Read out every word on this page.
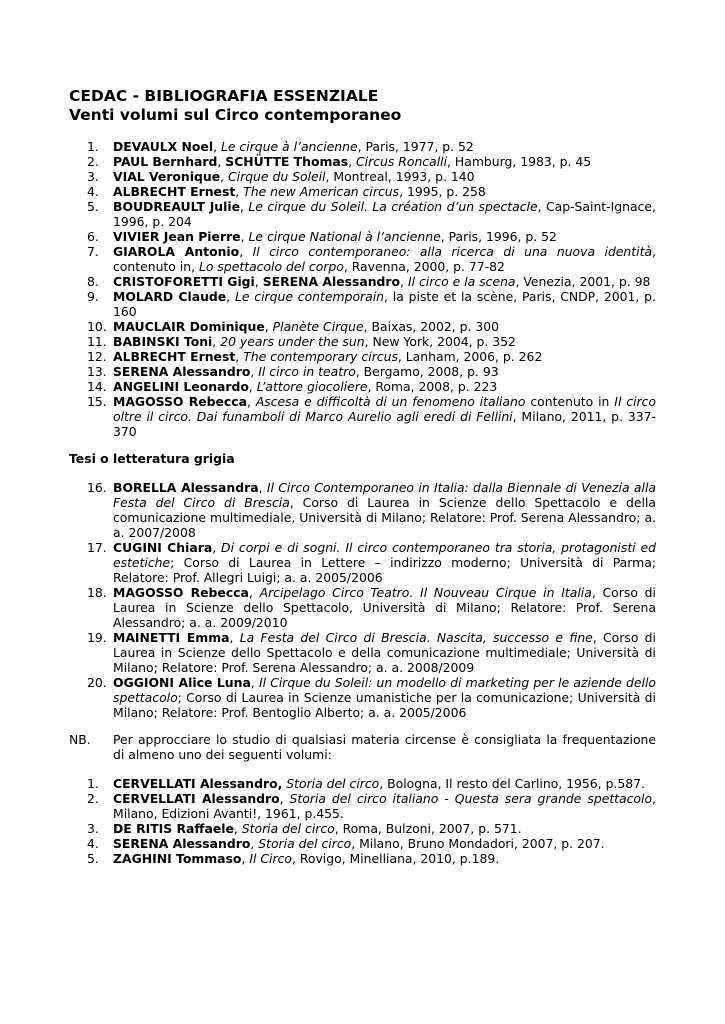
CEDAC - BIBLIOGRAFIA ESSENZIALE
Venti volumi sul Circo contemporaneo
1.	DEVAULX Noel, Le cirque à l’ancienne, Paris, 1977, p. 52
2.	PAUL Bernhard, SCHÜTTE Thomas, Circus Roncalli, Hamburg, 1983, p. 45
3.	VIAL Veronique, Cirque du Soleil, Montreal, 1993, p. 140
4.	ALBRECHT Ernest, The new American circus, 1995, p. 258
5.	BOUDREAULT Julie, Le cirque du Soleil. La création d’un spectacle, Cap-Saint-Ignace, 1996, p. 204
6.	VIVIER Jean Pierre, Le cirque National à l’ancienne, Paris, 1996, p. 52
7.	GIAROLA Antonio, Il circo contemporaneo: alla ricerca di una nuova identità, contenuto in, Lo spettacolo del corpo, Ravenna, 2000, p. 77-82
8.	CRISTOFORETTI Gigi, SERENA Alessandro, Il circo e la scena, Venezia, 2001, p. 98
9.	MOLARD Claude, Le cirque contemporain, la piste et la scène, Paris, CNDP, 2001, p. 160
10. MAUCLAIR Dominique, Planète Cirque, Baixas, 2002, p. 300
11. BABINSKI Toni, 20 years under the sun, New York, 2004, p. 352
12. ALBRECHT Ernest, The contemporary circus, Lanham, 2006, p. 262
13. SERENA Alessandro, Il circo in teatro, Bergamo, 2008, p. 93
14. ANGELINI Leonardo, L’attore giocoliere, Roma, 2008, p. 223
15. MAGOSSO Rebecca, Ascesa e difficoltà di un fenomeno italiano contenuto in Il circo oltre il circo. Dai funamboli di Marco Aurelio agli eredi di Fellini, Milano, 2011, p. 337-370
Tesi o letteratura grigia
16. BORELLA Alessandra, Il Circo Contemporaneo in Italia: dalla Biennale di Venezia alla Festa del Circo di Brescia, Corso di Laurea in Scienze dello Spettacolo e della comunicazione multimediale, Università di Milano; Relatore: Prof. Serena Alessandro; a. a. 2007/2008
17. CUGINI Chiara, Di corpi e di sogni. Il circo contemporaneo tra storia, protagonisti ed estetiche; Corso di Laurea in Lettere – indirizzo moderno; Università di Parma; Relatore: Prof. Allegri Luigi; a. a. 2005/2006
18. MAGOSSO Rebecca, Arcipelago Circo Teatro. Il Nouveau Cirque in Italia, Corso di Laurea in Scienze dello Spettacolo, Università di Milano; Relatore: Prof. Serena Alessandro; a. a. 2009/2010
19. MAINETTI Emma, La Festa del Circo di Brescia. Nascita, successo e fine, Corso di Laurea in Scienze dello Spettacolo e della comunicazione multimediale; Università di Milano; Relatore: Prof. Serena Alessandro; a. a. 2008/2009
20. OGGIONI Alice Luna, Il Cirque du Soleil: un modello di marketing per le aziende dello spettacolo; Corso di Laurea in Scienze umanistiche per la comunicazione; Università di Milano; Relatore: Prof. Bentoglio Alberto; a. a. 2005/2006
NB. Per approcciare lo studio di qualsiasi materia circense è consigliata la frequentazione di almeno uno dei seguenti volumi:
1.	CERVELLATI Alessandro, Storia del circo, Bologna, Il resto del Carlino, 1956, p.587.
2.	CERVELLATI Alessandro, Storia del circo italiano - Questa sera grande spettacolo, Milano, Edizioni Avanti!, 1961, p.455.
3.	DE RITIS Raffaele, Storia del circo, Roma, Bulzoni, 2007, p. 571.
4.	SERENA Alessandro, Storia del circo, Milano, Bruno Mondadori, 2007, p. 207.
5.	ZAGHINI Tommaso, Il Circo, Rovigo, Minelliana, 2010, p.189.
